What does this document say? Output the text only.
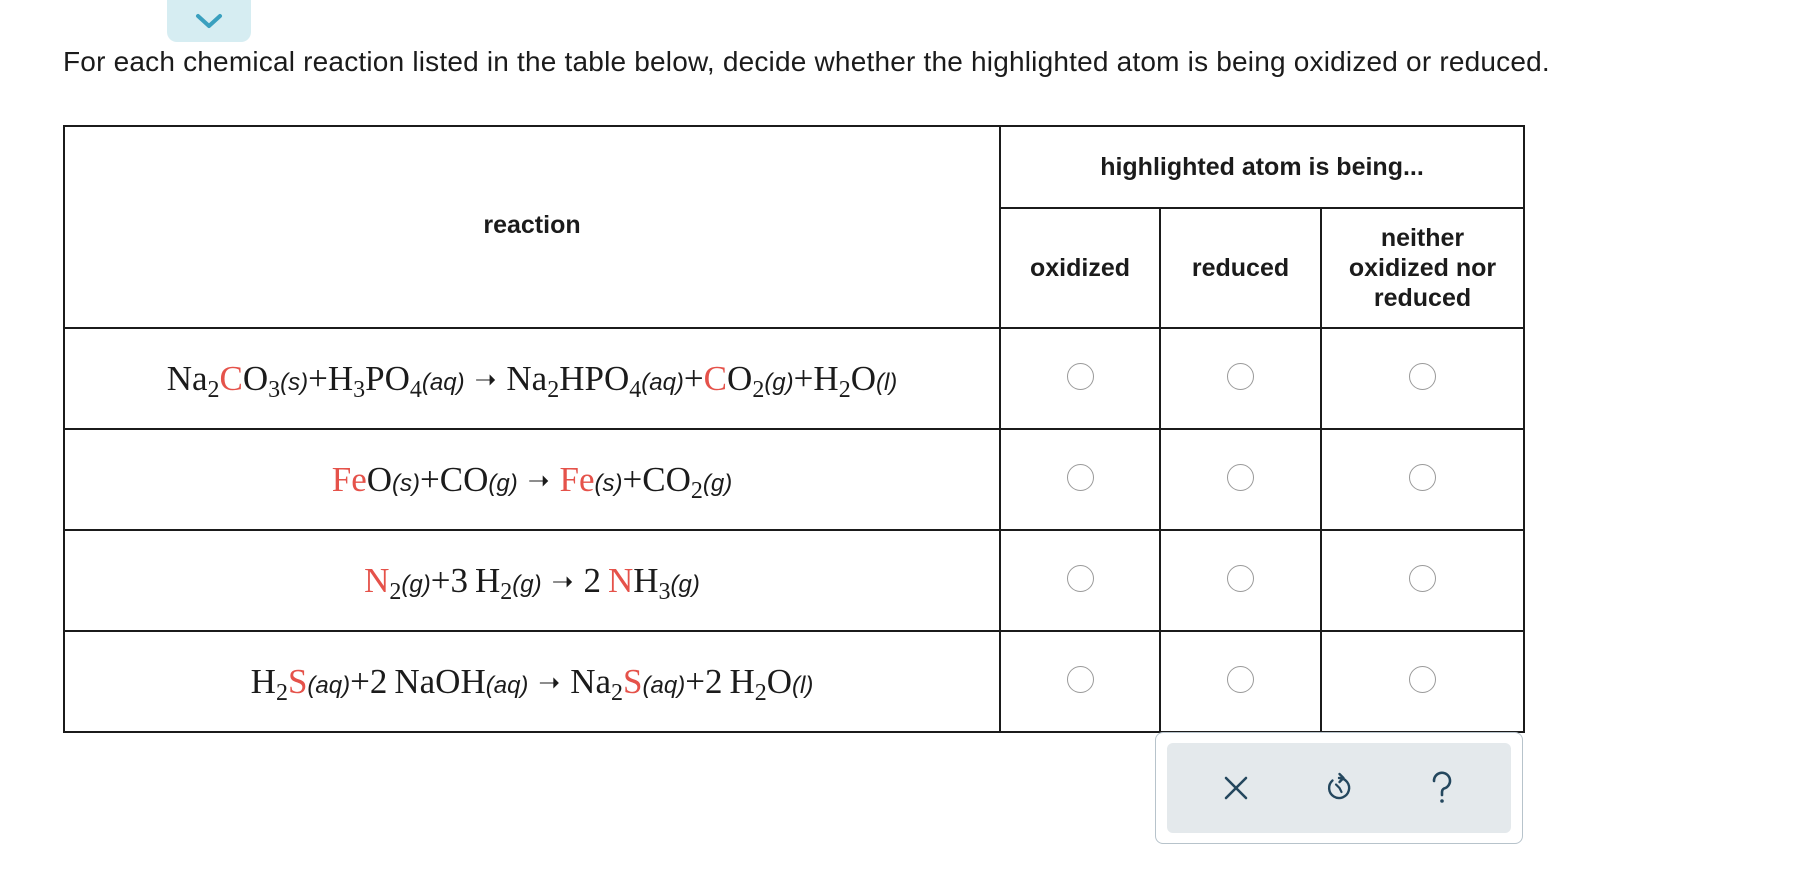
For each chemical reaction listed in the table below, decide whether the highlighted atom is being oxidized or reduced.
reaction	highlighted atom is being...		

	oxidized	reduced	neither oxidized nor reduced

$Na_2CO_3(s)+H_3PO_4(aq)$ ➝ $Na_2HPO_4(aq)+CO_2(g)+H_2O(l)$			
FeO(s)+CO(g) ➝ $Fe(s)+CO_2(g)$			
$N_2(g)+3$  $H_2(g)$ ➝ 2  $NH_3(g)$			
$H_2S(aq)+2$  NaOH(aq) ➝ $Na_2S(aq)+2$  $H_2O(l)$			
